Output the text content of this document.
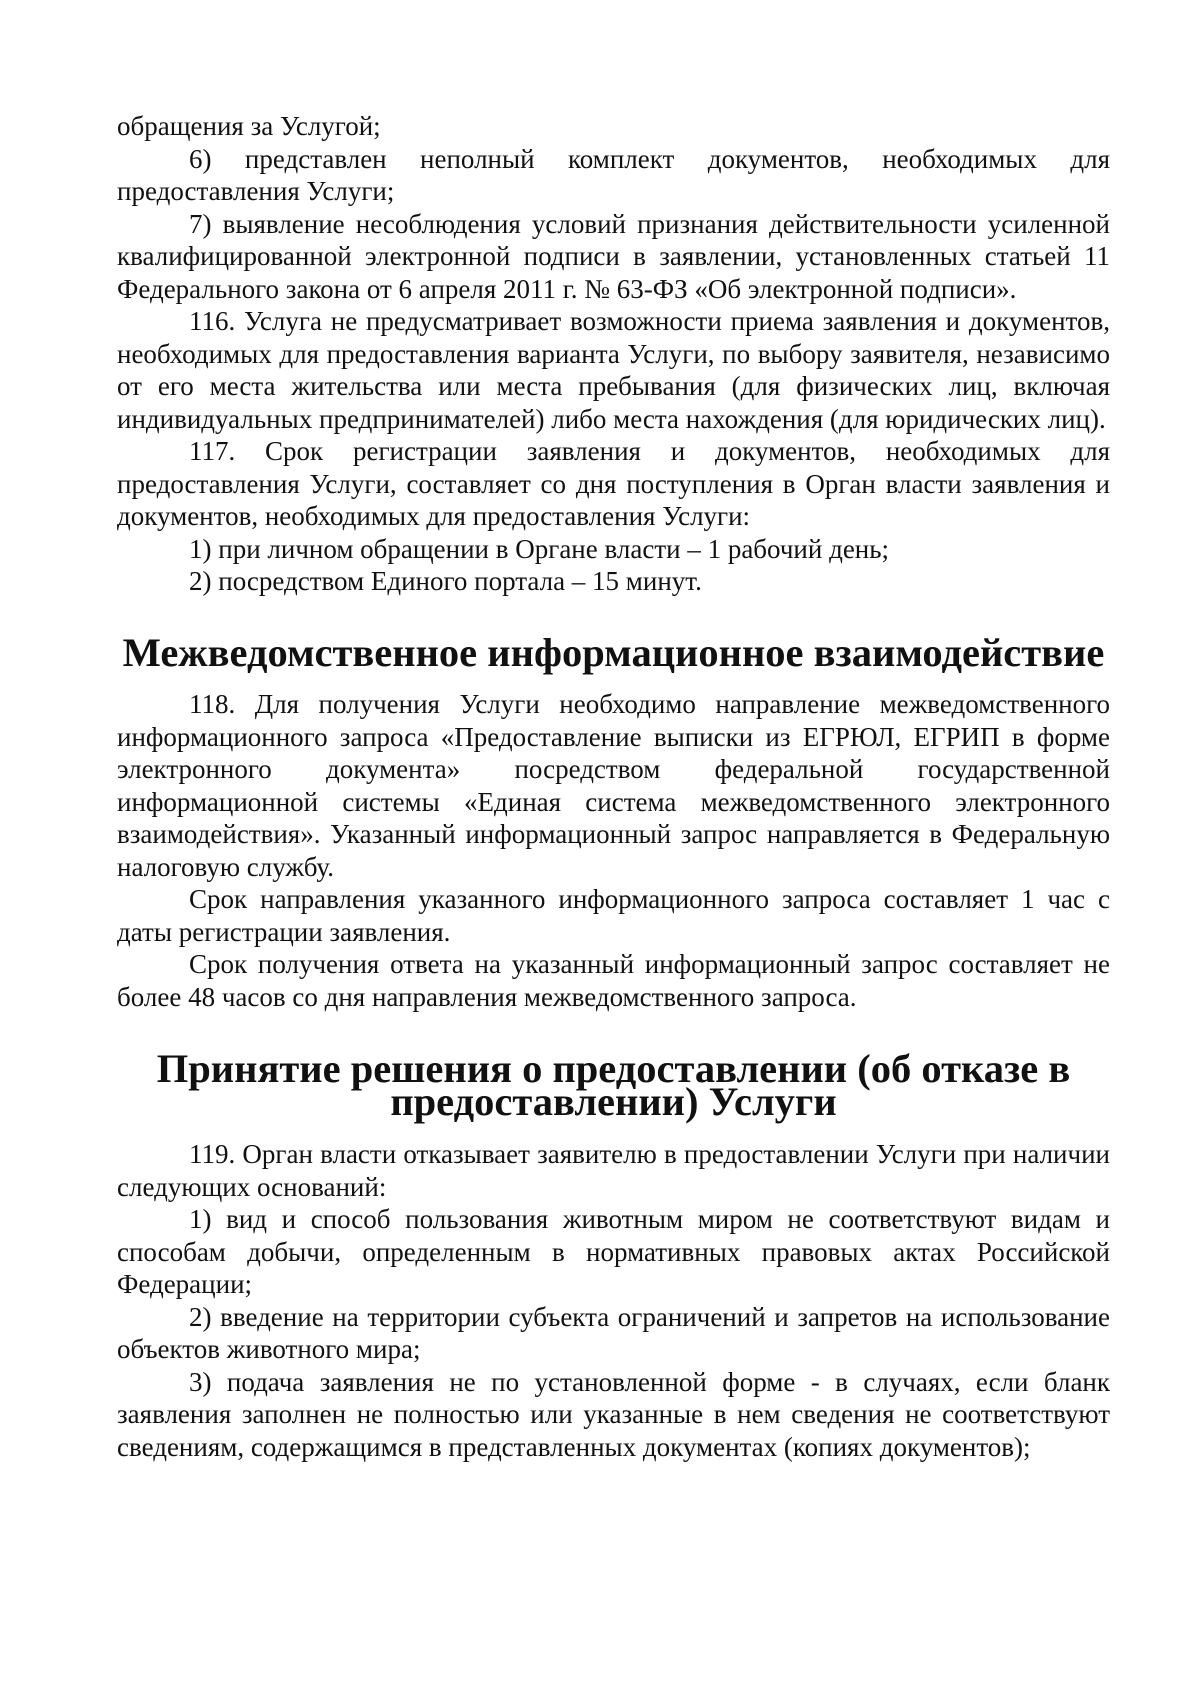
обращения за Услугой;

6) представлен неполный комплект документов, необходимых для предоставления Услуги;

7) выявление несоблюдения условий признания действительности усиленной квалифицированной электронной подписи в заявлении, установленных статьей 11 Федерального закона от 6 апреля 2011 г. № 63-ФЗ «Об электронной подписи».

116. Услуга не предусматривает возможности приема заявления и документов, необходимых для предоставления варианта Услуги, по выбору заявителя, независимо от его места жительства или места пребывания (для физических лиц, включая индивидуальных предпринимателей) либо места нахождения (для юридических лиц).

117. Срок регистрации заявления и документов, необходимых для предоставления Услуги, составляет со дня поступления в Орган власти заявления и документов, необходимых для предоставления Услуги:

1) при личном обращении в Органе власти – 1 рабочий день;

2) посредством Единого портала – 15 минут.

Межведомственное информационное взаимодействие

118. Для получения Услуги необходимо направление межведомственного информационного запроса «Предоставление выписки из ЕГРЮЛ, ЕГРИП в форме электронного документа» посредством федеральной государственной информационной системы «Единая система межведомственного электронного взаимодействия». Указанный информационный запрос направляется в Федеральную налоговую службу.

Срок направления указанного информационного запроса составляет 1 час с даты регистрации заявления.

Срок получения ответа на указанный информационный запрос составляет не более 48 часов со дня направления межведомственного запроса.

Принятие решения о предоставлении (об отказе в предоставлении) Услуги

119. Орган власти отказывает заявителю в предоставлении Услуги при наличии следующих оснований:

1) вид и способ пользования животным миром не соответствуют видам и способам добычи, определенным в нормативных правовых актах Российской Федерации;

2) введение на территории субъекта ограничений и запретов на использование объектов животного мира;

3) подача заявления не по установленной форме - в случаях, если бланк заявления заполнен не полностью или указанные в нем сведения не соответствуют сведениям, содержащимся в представленных документах (копиях документов);
